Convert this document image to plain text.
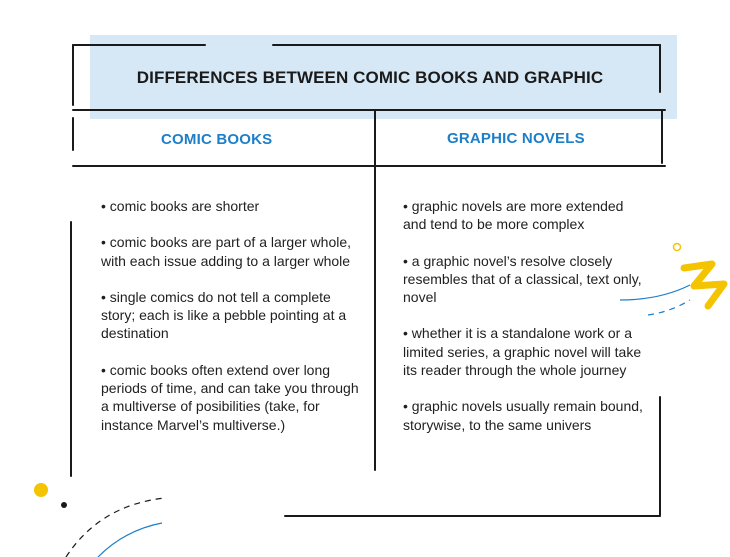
DIFFERENCES BETWEEN COMIC BOOKS AND GRAPHIC
COMIC BOOKS	GRAPHIC NOVELS
• comic books are shorter
• comic books are part of a larger whole, with each issue adding to a larger whole
• single comics do not tell a complete story; each is like a pebble pointing at a destination
• comic books often extend over long periods of time, and can take you through a multiverse of posibilities (take, for instance Marvel’s multiverse.)
• graphic novels are more extended and tend to be more complex
• a graphic novel’s resolve closely resembles that of a classical, text only, novel
• whether it is a standalone work or a limited series, a graphic novel will take its reader through the whole journey
• graphic novels usually remain bound, storywise, to the same univers
